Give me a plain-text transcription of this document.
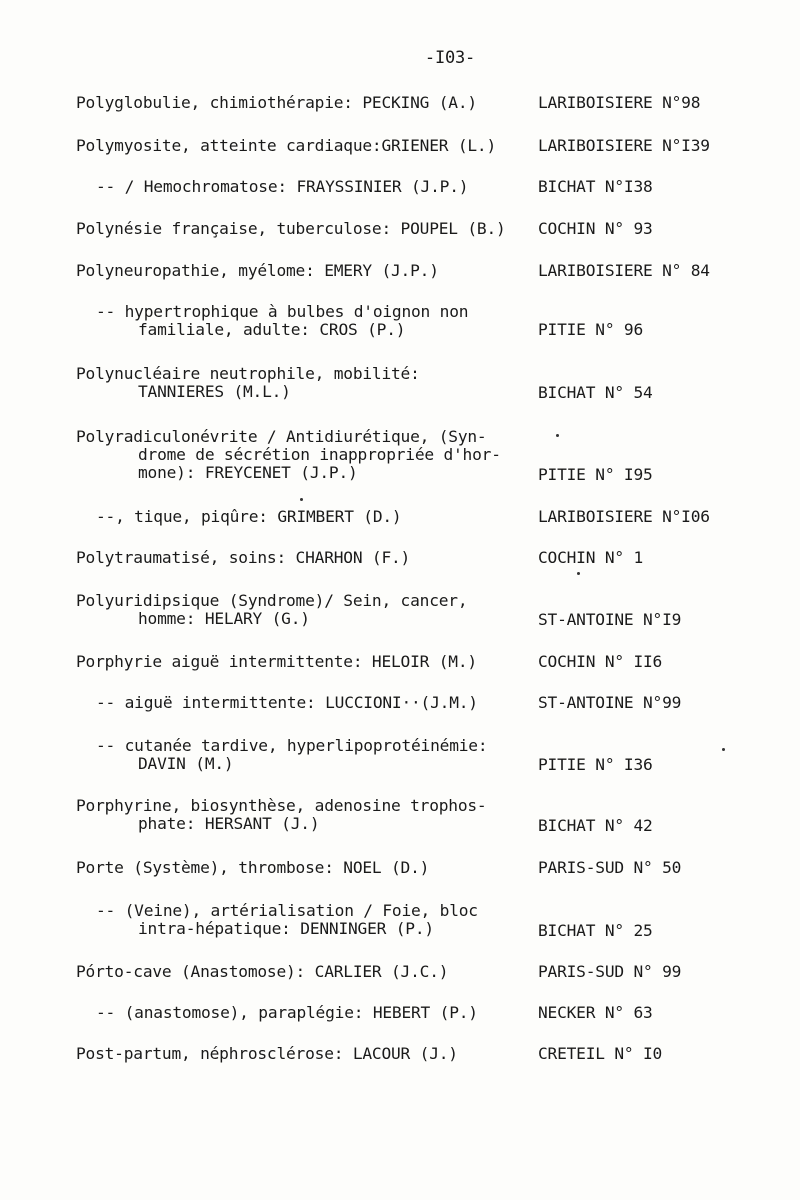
-I03-
Polyglobulie, chimiothérapie: PECKING (A.)	LARIBOISIERE N°98
Polymyosite, atteinte cardiaque:GRIENER (L.)	LARIBOISIERE N°I39
-- / Hemochromatose: FRAYSSINIER (J.P.)	BICHAT N°I38
Polynésie française, tuberculose: POUPEL (B.) COCHIN N° 93
Polyneuropathie, myélome: EMERY (J.P.)	LARIBOISIERE N° 84
-- hypertrophique à bulbes d'oignon non
familiale, adulte: CROS (P.)	PITIE N° 96
Polynucléaire neutrophile, mobilité:
TANNIERES (M.L.)	BICHAT N° 54
Polyradiculonévrite / Antidiurétique, (Syn-
drome de sécrétion inappropriée d'hor-
mone): FREYCENET (J.P.)	PITIE N° I95
--, tique, piqûre: GRIMBERT (D.)	LARIBOISIERE N°I06
Polytraumatisé, soins: CHARHON (F.)	COCHIN N° 1
Polyuridipsique (Syndrome)/ Sein, cancer,
homme: HELARY (G.)	ST-ANTOINE N°I9
Porphyrie aiguë intermittente: HELOIR (M.)	COCHIN N° II6
-- aiguë intermittente: LUCCIONI··(J.M.)	ST-ANTOINE N°99
-- cutanée tardive, hyperlipoprotéinémie:
DAVIN (M.)	PITIE N° I36
Porphyrine, biosynthèse, adenosine trophos-
phate: HERSANT (J.)	BICHAT N° 42
Porte (Système), thrombose: NOEL (D.)	PARIS-SUD N° 50
-- (Veine), artérialisation / Foie, bloc
intra-hépatique: DENNINGER (P.)	BICHAT N° 25
Pórto-cave (Anastomose): CARLIER (J.C.)	PARIS-SUD N° 99
-- (anastomose), paraplégie: HEBERT (P.)	NECKER N° 63
Post-partum, néphrosclérose: LACOUR (J.)	CRETEIL N° I0
